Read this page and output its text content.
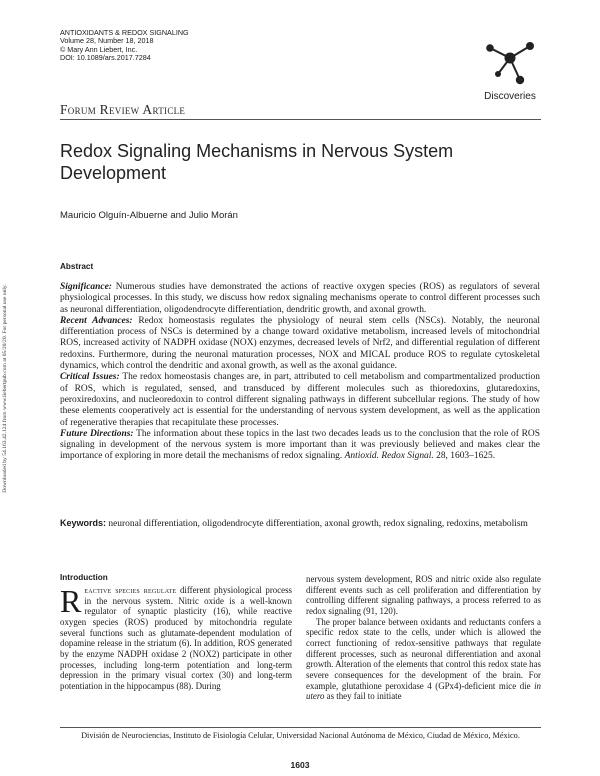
ANTIOXIDANTS & REDOX SIGNALING
Volume 28, Number 18, 2018
© Mary Ann Liebert, Inc.
DOI: 10.1089/ars.2017.7284
Discoveries
Forum Review Article
Redox Signaling Mechanisms in Nervous System Development
Mauricio Olguín-Albuerne and Julio Morán
Downloaded by 54.163.42.124 from www.liebertpub.com at 05/20/20. For personal use only.
Abstract

Significance: Numerous studies have demonstrated the actions of reactive oxygen species (ROS) as regulators of several physiological processes. In this study, we discuss how redox signaling mechanisms operate to control different processes such as neuronal differentiation, oligodendrocyte differentiation, dendritic growth, and axonal growth.

Recent Advances: Redox homeostasis regulates the physiology of neural stem cells (NSCs). Notably, the neuronal differentiation process of NSCs is determined by a change toward oxidative metabolism, increased levels of mitochondrial ROS, increased activity of NADPH oxidase (NOX) enzymes, decreased levels of Nrf2, and differential regulation of different redoxins. Furthermore, during the neuronal maturation processes, NOX and MICAL produce ROS to regulate cytoskeletal dynamics, which control the dendritic and axonal growth, as well as the axonal guidance.

Critical Issues: The redox homeostasis changes are, in part, attributed to cell metabolism and compartmentalized production of ROS, which is regulated, sensed, and transduced by different molecules such as thioredoxins, glutaredoxins, peroxiredoxins, and nucleoredoxin to control different signaling pathways in different subcellular regions. The study of how these elements cooperatively act is essential for the understanding of nervous system development, as well as the application of regenerative therapies that recapitulate these processes.

Future Directions: The information about these topics in the last two decades leads us to the conclusion that the role of ROS signaling in development of the nervous system is more important than it was previously believed and makes clear the importance of exploring in more detail the mechanisms of redox signaling. Antioxid. Redox Signal. 28, 1603–1625.

Keywords: neuronal differentiation, oligodendrocyte differentiation, axonal growth, redox signaling, redoxins, metabolism
Introduction

Reactive species regulate different physiological process in the nervous system. Nitric oxide is a well-known regulator of synaptic plasticity (16), while reactive oxygen species (ROS) produced by mitochondria regulate several functions such as glutamate-dependent modulation of dopamine release in the striatum (6). In addition, ROS generated by the enzyme NADPH oxidase 2 (NOX2) participate in other processes, including long-term potentiation and long-term depression in the primary visual cortex (30) and long-term potentiation in the hippocampus (88). During

nervous system development, ROS and nitric oxide also regulate different events such as cell proliferation and differentiation by controlling different signaling pathways, a process referred to as redox signaling (91, 120).

The proper balance between oxidants and reductants confers a specific redox state to the cells, under which is allowed the correct functioning of redox-sensitive pathways that regulate different processes, such as neuronal differentiation and axonal growth. Alteration of the elements that control this redox state has severe consequences for the development of the brain. For example, glutathione peroxidase 4 (GPx4)-deficient mice die in utero as they fail to initiate

División de Neurociencias, Instituto de Fisiología Celular, Universidad Nacional Autónoma de México, Ciudad de México, México.
1603
